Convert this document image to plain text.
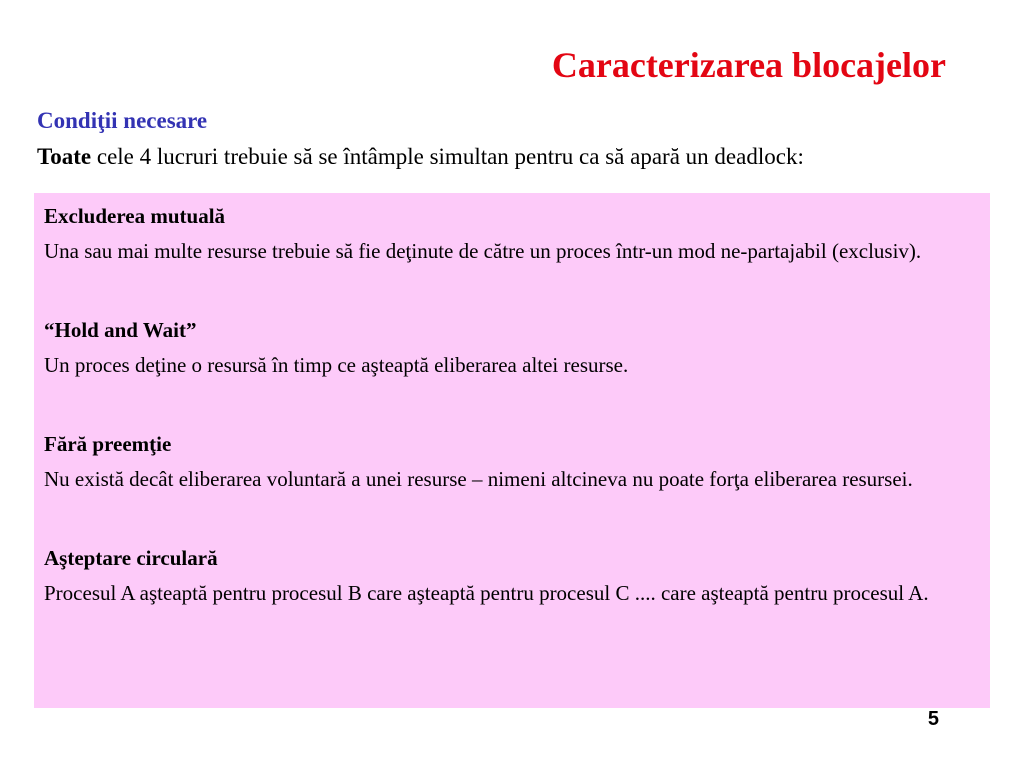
Caracterizarea blocajelor
Condiţii necesare
Toate cele 4 lucruri trebuie să se întâmple simultan pentru ca să apară un deadlock:
Excluderea mutuală
Una sau mai multe resurse trebuie să fie deţinute de către un proces într-un mod ne-partajabil (exclusiv).
“Hold and Wait”
Un proces deţine o resursă în timp ce aşteaptă eliberarea altei resurse.
Fără preemţie
Nu există decât eliberarea voluntară a unei resurse – nimeni altcineva nu poate forţa eliberarea resursei.
Aşteptare circulară
Procesul A aşteaptă pentru procesul B care aşteaptă pentru procesul C .... care aşteaptă pentru procesul A.
5
